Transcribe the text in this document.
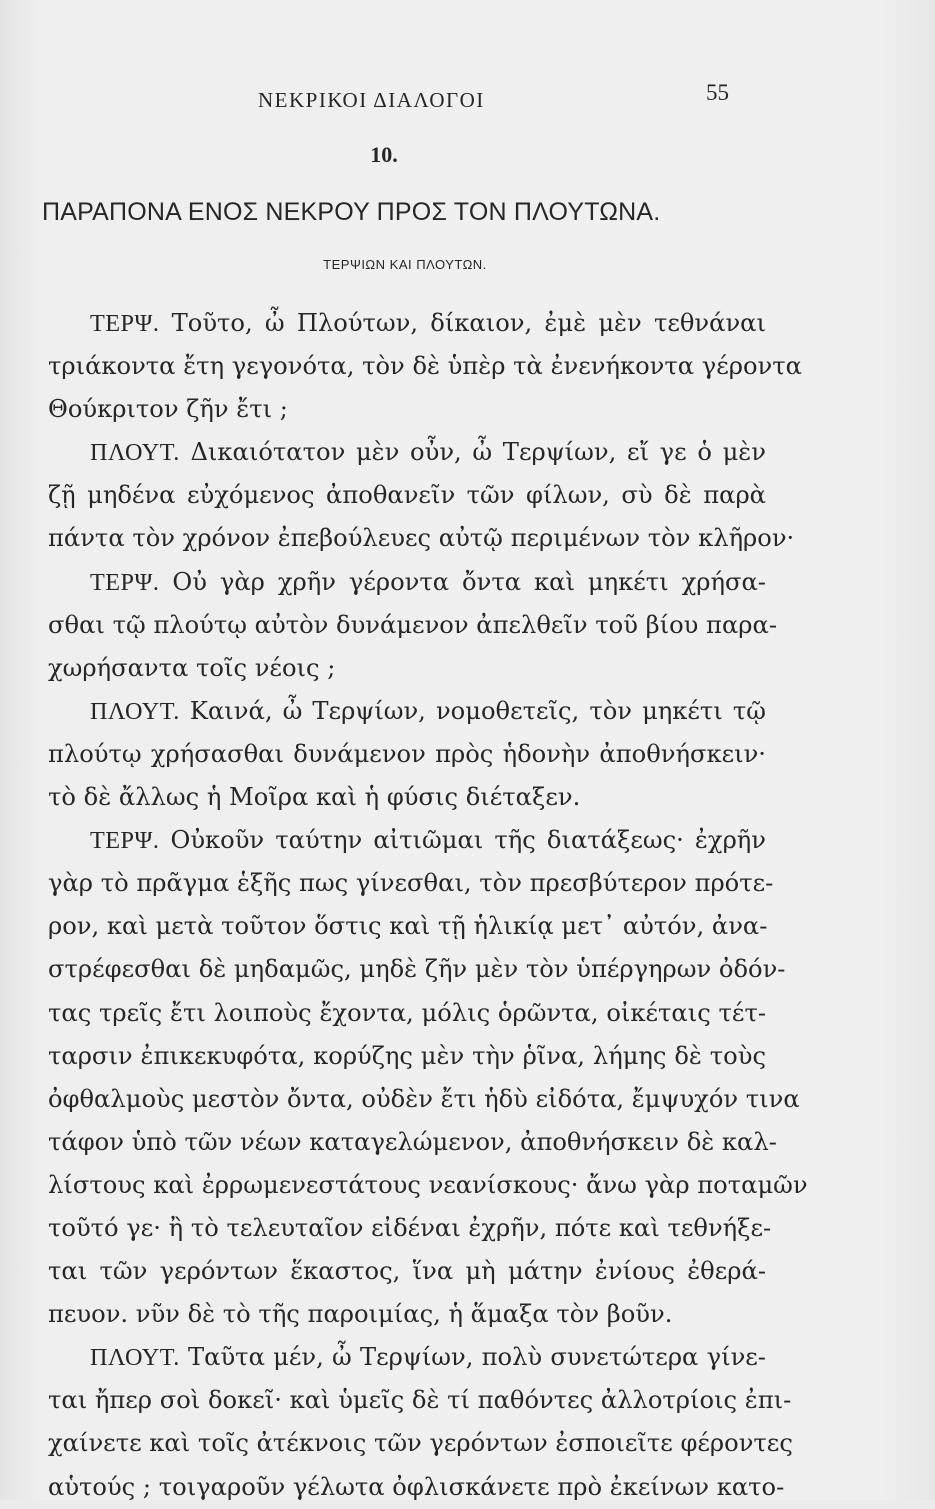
ΝΕΚΡΙΚΟΙ ΔΙΑΛΟΓΟΙ	55
10.
ΠΑΡΑΠΟΝΑ ΕΝΟΣ ΝΕΚΡΟΥ ΠΡΟΣ ΤΟΝ ΠΛΟΥΤΩΝΑ.
ΤΕΡΨΙΩΝ ΚΑΙ ΠΛΟΥΤΩΝ.
ΤΕΡΨ. Τοῦτο, ὦ Πλούτων, δίκαιον, ἐμὲ μὲν τεθνάναι
τριάκοντα ἔτη γεγονότα, τὸν δὲ ὑπὲρ τὰ ἐνενήκοντα γέροντα
Θούκριτον ζῆν ἔτι ;
ΠΛΟΥΤ. Δικαιότατον μὲν οὖν, ὦ Τερψίων, εἴ γε ὁ μὲν
ζῇ μηδένα εὐχόμενος ἀποθανεῖν τῶν φίλων, σὺ δὲ παρὰ
πάντα τὸν χρόνον ἐπεβούλευες αὐτῷ περιμένων τὸν κλῆρον·
ΤΕΡΨ. Οὐ γὰρ χρῆν γέροντα ὄντα καὶ μηκέτι χρήσα-
σθαι τῷ πλούτῳ αὐτὸν δυνάμενον ἀπελθεῖν τοῦ βίου παρα-
χωρήσαντα τοῖς νέοις ;
ΠΛΟΥΤ. Καινά, ὦ Τερψίων, νομοθετεῖς, τὸν μηκέτι τῷ
πλούτῳ χρήσασθαι δυνάμενον πρὸς ἡδονὴν ἀποθνήσκειν·
τὸ δὲ ἄλλως ἡ Μοῖρα καὶ ἡ φύσις διέταξεν.
ΤΕΡΨ. Οὐκοῦν ταύτην αἰτιῶμαι τῆς διατάξεως· ἐχρῆν
γὰρ τὸ πρᾶγμα ἑξῆς πως γίνεσθαι, τὸν πρεσβύτερον πρότε-
ρον, καὶ μετὰ τοῦτον ὅστις καὶ τῇ ἡλικίᾳ μετ᾽ αὐτόν, ἀνα-
στρέφεσθαι δὲ μηδαμῶς, μηδὲ ζῆν μὲν τὸν ὑπέργηρων ὀδόν-
τας τρεῖς ἔτι λοιποὺς ἔχοντα, μόλις ὁρῶντα, οἰκέταις τέτ-
ταρσιν ἐπικεκυφότα, κορύζης μὲν τὴν ῥῖνα, λήμης δὲ τοὺς
ὀφθαλμοὺς μεστὸν ὄντα, οὐδὲν ἔτι ἡδὺ εἰδότα, ἔμψυχόν τινα
τάφον ὑπὸ τῶν νέων καταγελώμενον, ἀποθνήσκειν δὲ καλ-
λίστους καὶ ἐρρωμενεστάτους νεανίσκους· ἄνω γὰρ ποταμῶν
τοῦτό γε· ἢ τὸ τελευταῖον εἰδέναι ἐχρῆν, πότε καὶ τεθνήξε-
ται τῶν γερόντων ἕκαστος, ἵνα μὴ μάτην ἐνίους ἐθερά-
πευον. νῦν δὲ τὸ τῆς παροιμίας, ἡ ἅμαξα τὸν βοῦν.
ΠΛΟΥΤ. Ταῦτα μέν, ὦ Τερψίων, πολὺ συνετώτερα γίνε-
ται ἤπερ σοὶ δοκεῖ· καὶ ὑμεῖς δὲ τί παθόντες ἀλλοτρίοις ἐπι-
χαίνετε καὶ τοῖς ἀτέκνοις τῶν γερόντων ἐσποιεῖτε φέροντες
αὑτούς ; τοιγαροῦν γέλωτα ὀφλισκάνετε πρὸ ἐκείνων κατο-
